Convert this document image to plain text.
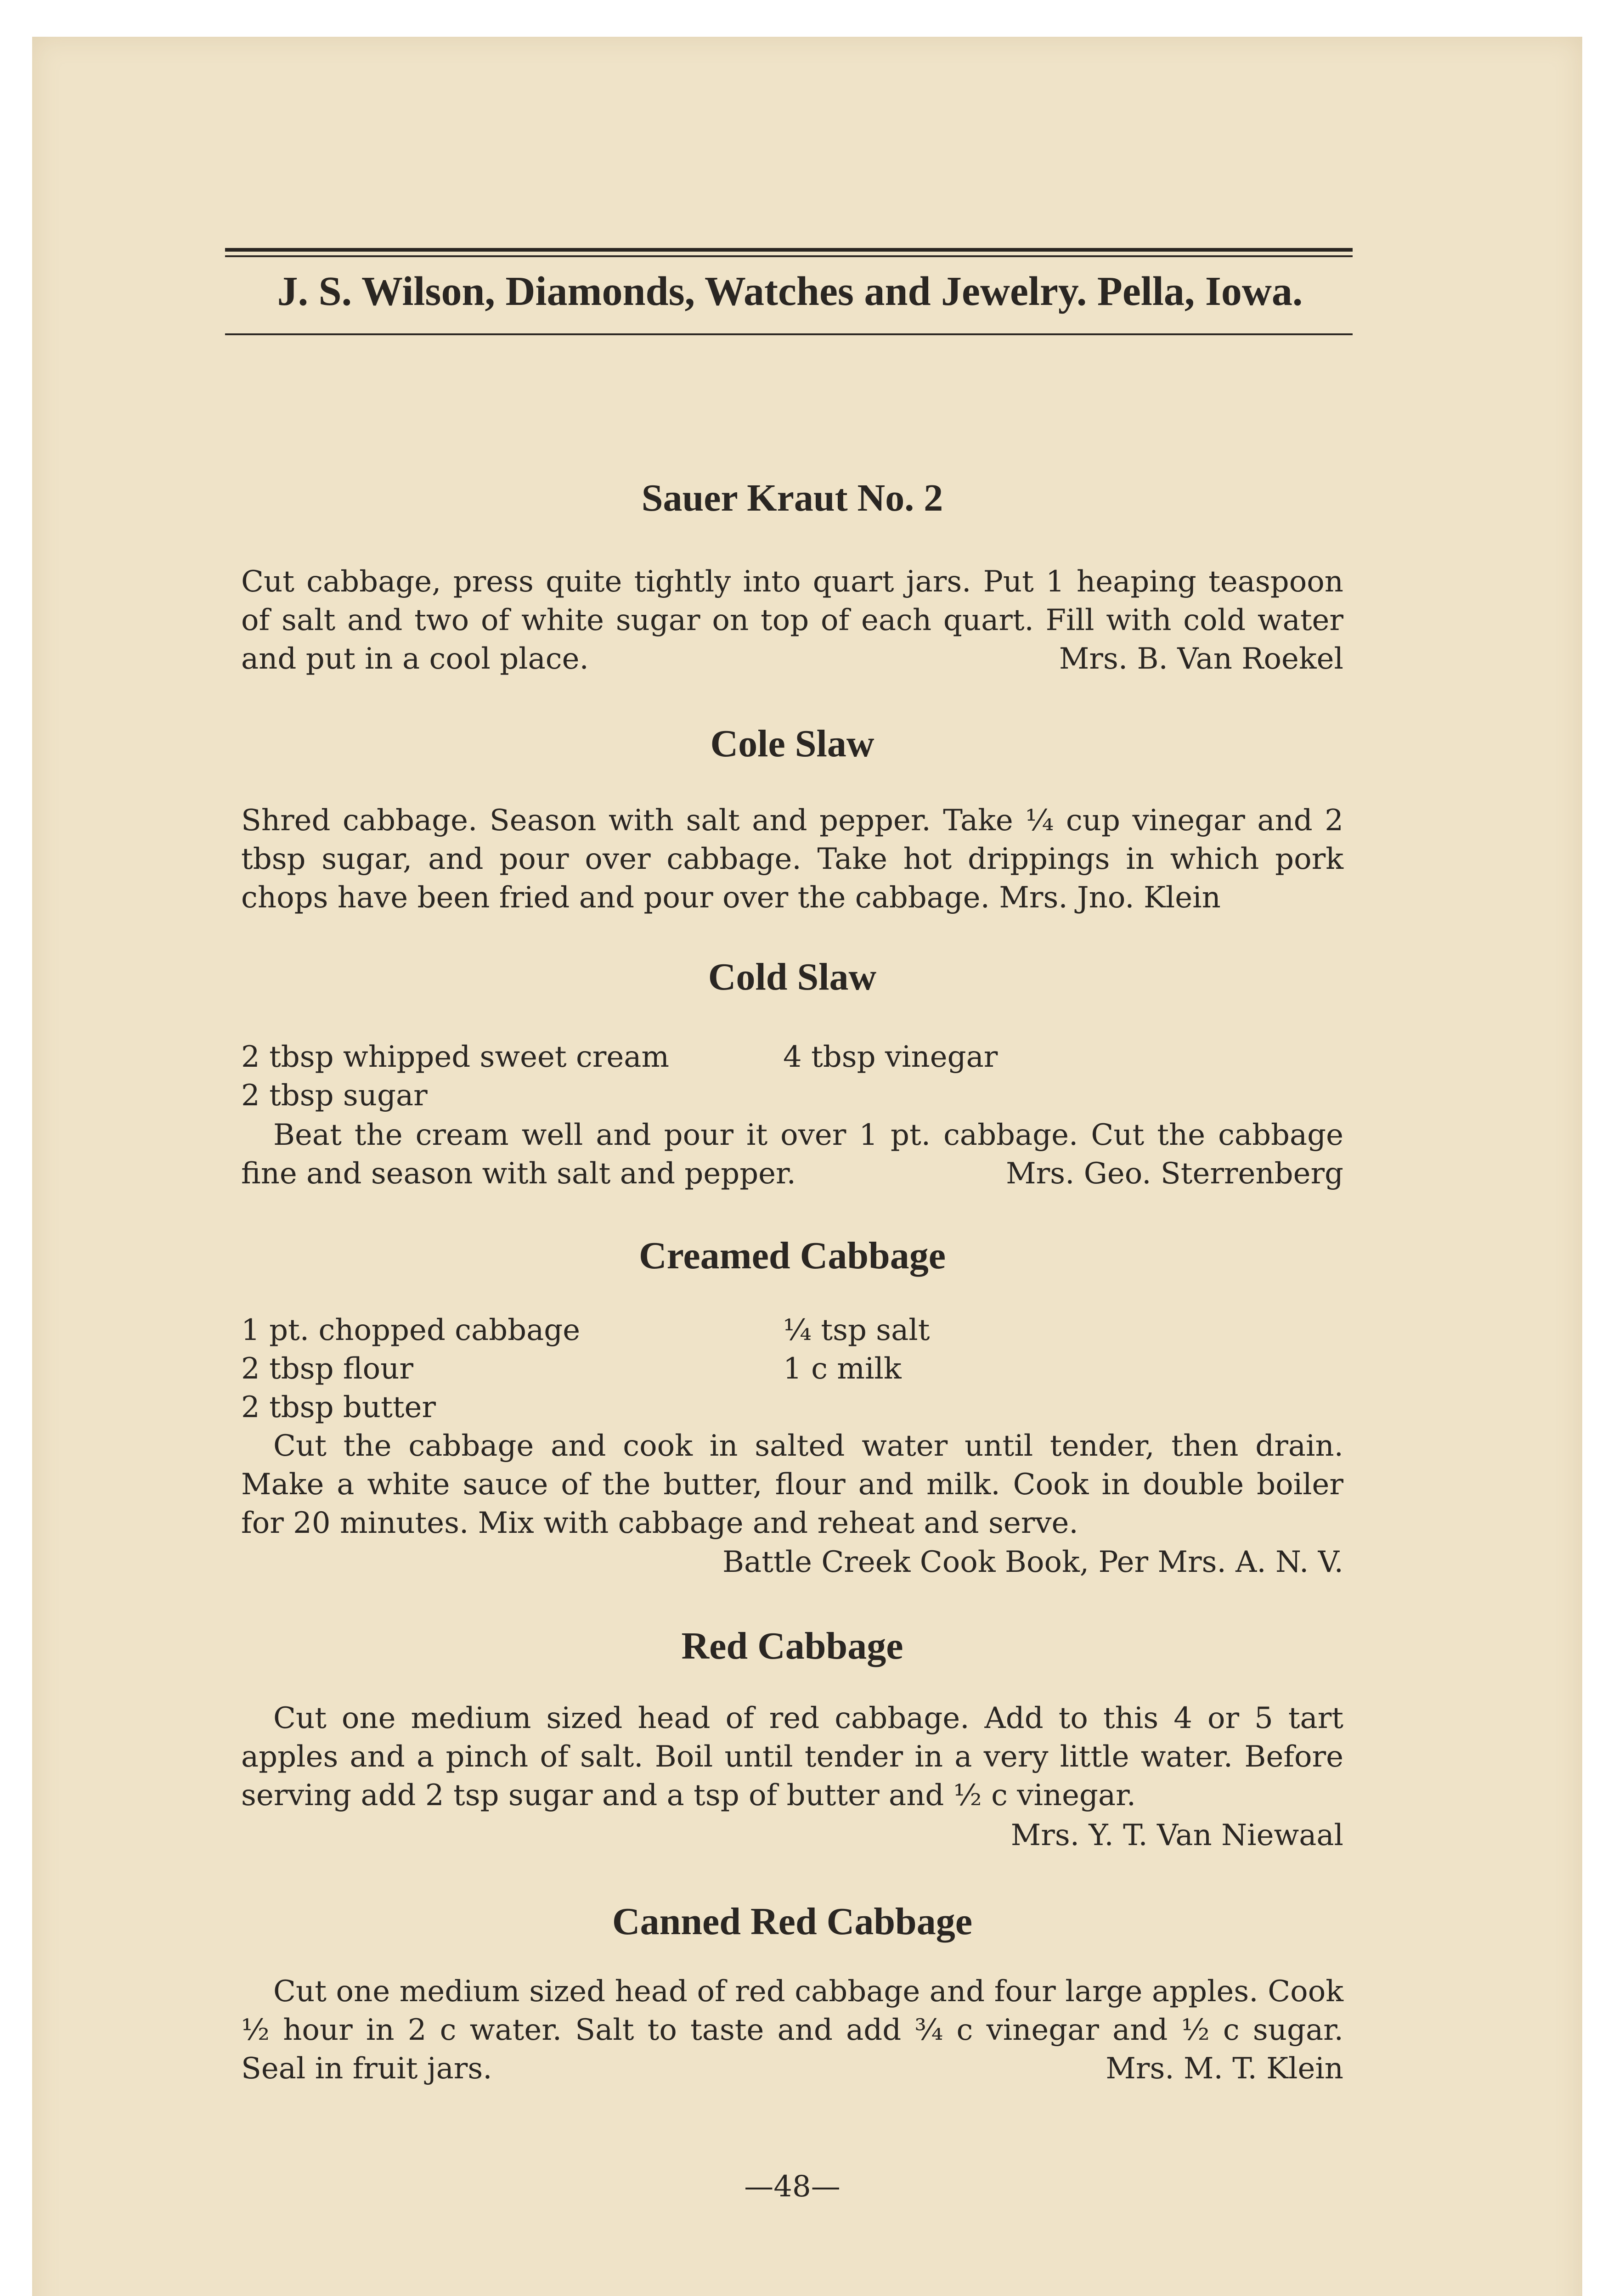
J. S. Wilson, Diamonds, Watches and Jewelry. Pella, Iowa.
Sauer Kraut No. 2
Cut cabbage, press quite tightly into quart jars. Put 1 heaping teaspoon of salt and two of white sugar on top of each quart. Fill with cold water and put in a cool place.	Mrs. B. Van Roekel
Cole Slaw
Shred cabbage. Season with salt and pepper. Take ¼ cup vinegar and 2 tbsp sugar, and pour over cabbage. Take hot drippings in which pork chops have been fried and pour over the cabbage. Mrs. Jno. Klein
Cold Slaw
2 tbsp whipped sweet cream	4 tbsp vinegar
2 tbsp sugar
Beat the cream well and pour it over 1 pt. cabbage. Cut the cabbage fine and season with salt and pepper.	Mrs. Geo. Sterrenberg
Creamed Cabbage
1 pt. chopped cabbage	¼ tsp salt
2 tbsp flour	1 c milk
2 tbsp butter
Cut the cabbage and cook in salted water until tender, then drain. Make a white sauce of the butter, flour and milk. Cook in double boiler for 20 minutes. Mix with cabbage and reheat and serve.
Battle Creek Cook Book, Per Mrs. A. N. V.
Red Cabbage
Cut one medium sized head of red cabbage. Add to this 4 or 5 tart apples and a pinch of salt. Boil until tender in a very little water. Before serving add 2 tsp sugar and a tsp of butter and ½ c vinegar.
Mrs. Y. T. Van Niewaal
Canned Red Cabbage
Cut one medium sized head of red cabbage and four large apples. Cook ½ hour in 2 c water. Salt to taste and add ¾ c vinegar and ½ c sugar. Seal in fruit jars.	Mrs. M. T. Klein
—48—
